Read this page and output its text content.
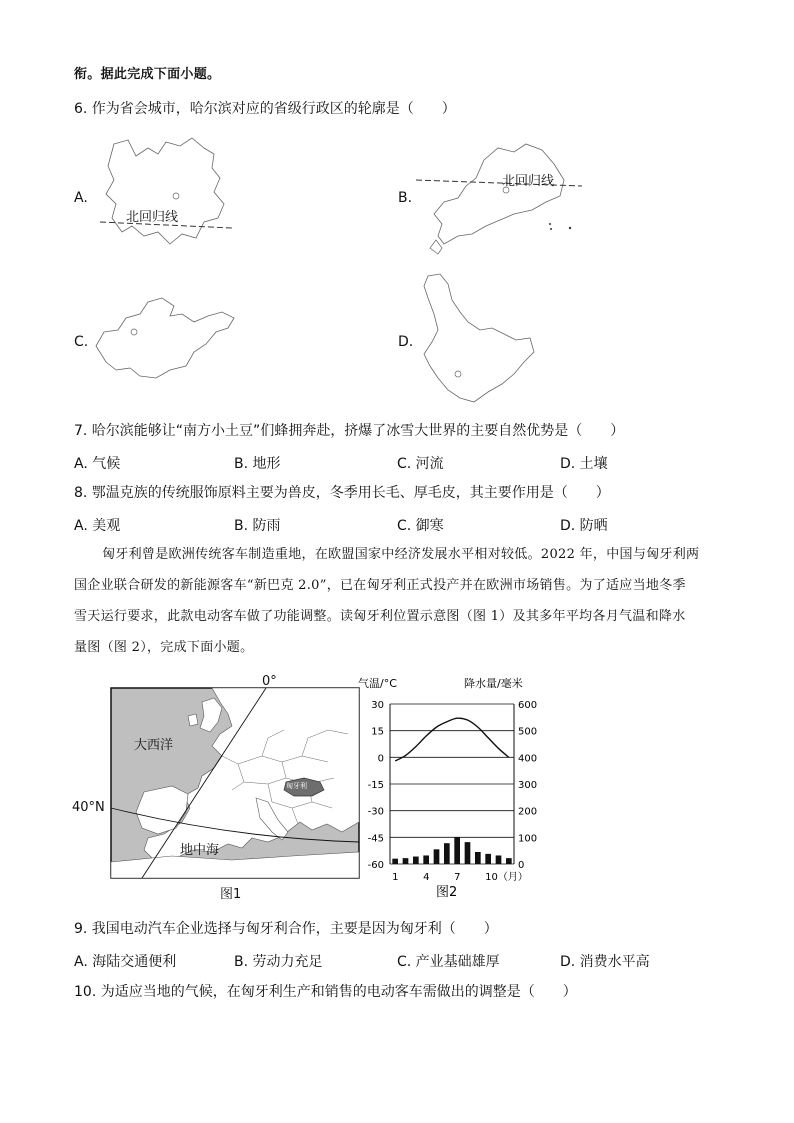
衔。据此完成下面小题。
6. 作为省会城市，哈尔滨对应的省级行政区的轮廓是（　　）
A.	B.
C.	D.
北回归线
北回归线
7. 哈尔滨能够让“南方小土豆”们蜂拥奔赴，挤爆了冰雪大世界的主要自然优势是（　　）
A. 气候	B. 地形	C. 河流	D. 土壤
8. 鄂温克族的传统服饰原料主要为兽皮，冬季用长毛、厚毛皮，其主要作用是（　　）
A. 美观	B. 防雨	C. 御寒	D. 防晒
匈牙利曾是欧洲传统客车制造重地，在欧盟国家中经济发展水平相对较低。2022 年，中国与匈牙利两
国企业联合研发的新能源客车“新巴克 2.0”，已在匈牙利正式投产并在欧洲市场销售。为了适应当地冬季
雪天运行要求，此款电动客车做了功能调整。读匈牙利位置示意图（图 1）及其多年平均各月气温和降水
量图（图 2），完成下面小题。
0°
40°N
大西洋
地中海
匈牙利
图1
气温/°C	降水量/毫米
30
15
0
-15
-30
-45
-60
600
500
400
300
200
100
0
1 4 7 10（月）
图2
9. 我国电动汽车企业选择与匈牙利合作，主要是因为匈牙利（　　）
A. 海陆交通便利	B. 劳动力充足	C. 产业基础雄厚	D. 消费水平高
10. 为适应当地的气候，在匈牙利生产和销售的电动客车需做出的调整是（　　）
